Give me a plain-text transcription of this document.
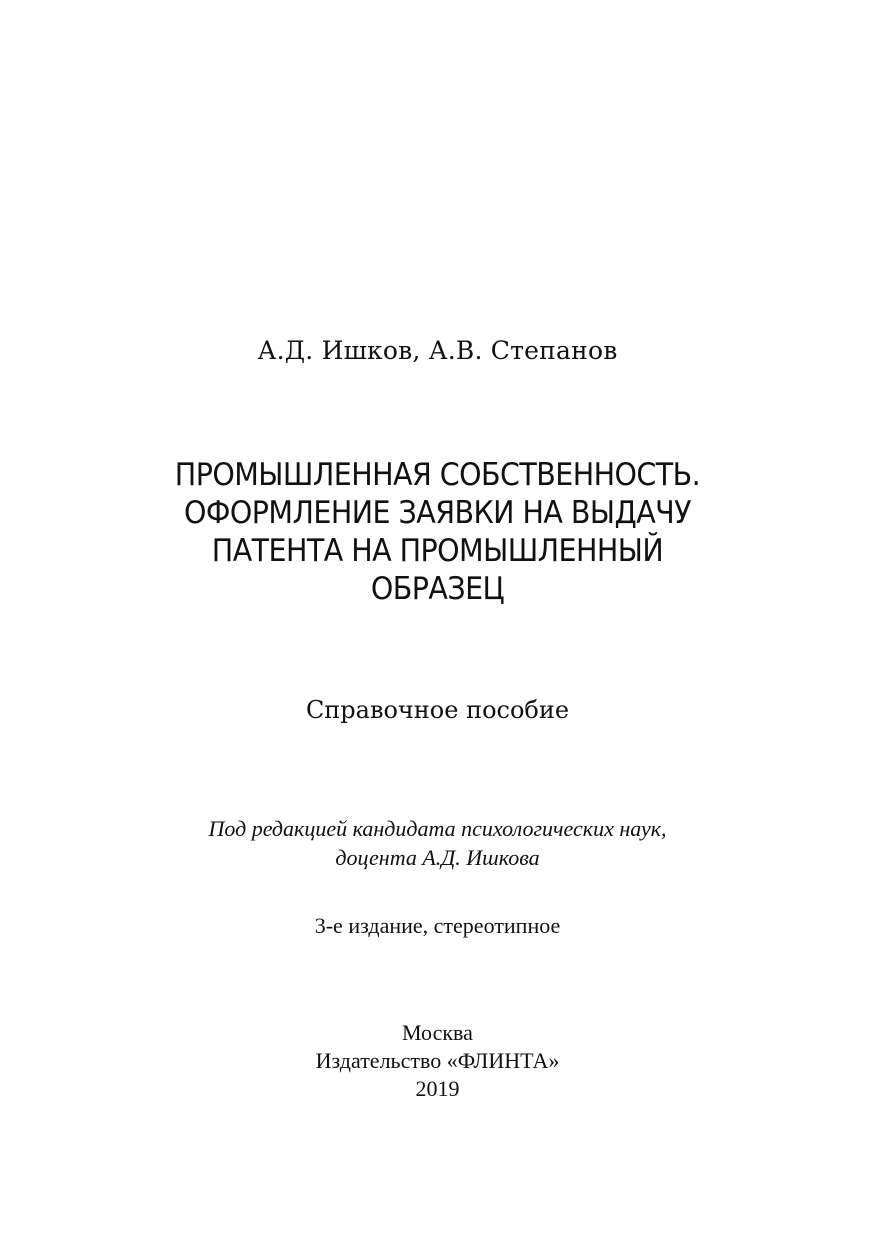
А.Д. Ишков, А.В. Степанов
ПРОМЫШЛЕННАЯ СОБСТВЕННОСТЬ.
ОФОРМЛЕНИЕ ЗАЯВКИ НА ВЫДАЧУ
ПАТЕНТА НА ПРОМЫШЛЕННЫЙ
ОБРАЗЕЦ
Справочное пособие
Под редакцией кандидата психологических наук,
доцента А.Д. Ишкова
3-е издание, стереотипное
Москва
Издательство «ФЛИНТА»
2019
